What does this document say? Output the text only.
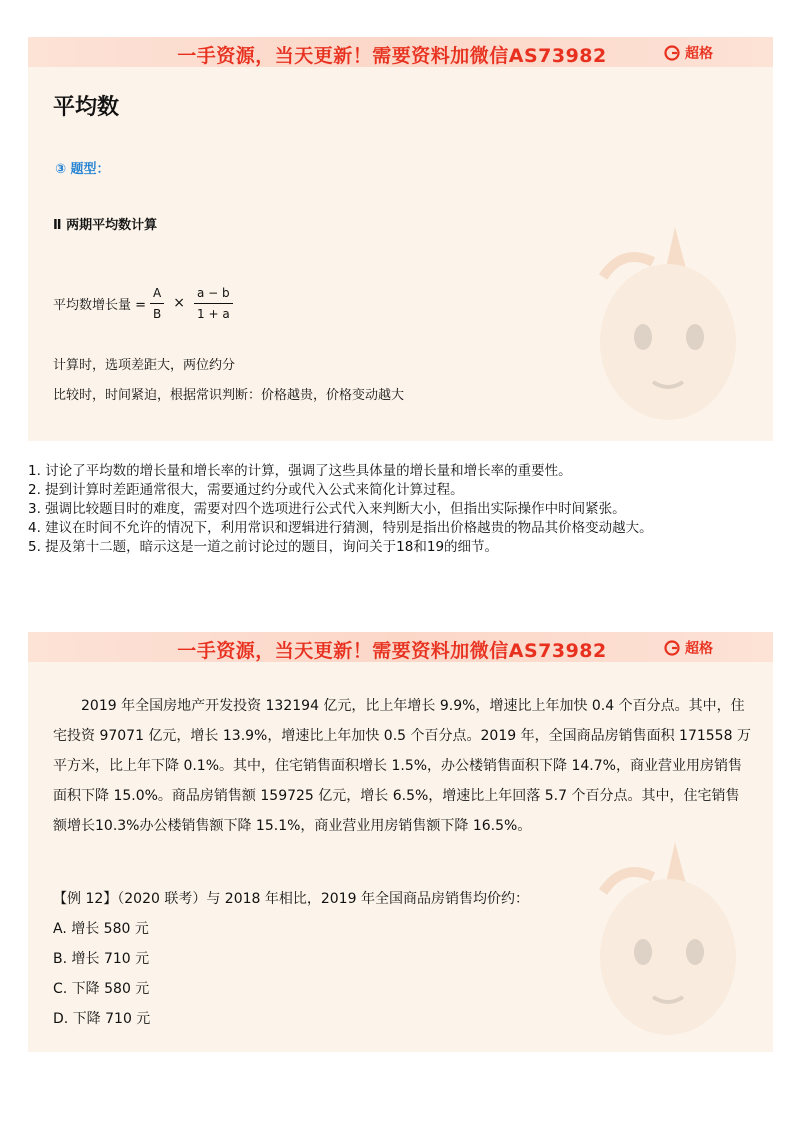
一手资源，当天更新！需要资料加微信AS73982	超格
平均数
③ 题型：
Ⅱ 两期平均数计算
平均数增长量 = $\frac{A}{B} \times \frac{a - b}{1 + a}$
计算时，选项差距大，两位约分
比较时，时间紧迫，根据常识判断：价格越贵，价格变动越大
1. 讨论了平均数的增长量和增长率的计算，强调了这些具体量的增长量和增长率的重要性。
2. 提到计算时差距通常很大，需要通过约分或代入公式来简化计算过程。
3. 强调比较题目时的难度，需要对四个选项进行公式代入来判断大小，但指出实际操作中时间紧张。
4. 建议在时间不允许的情况下，利用常识和逻辑进行猜测，特别是指出价格越贵的物品其价格变动越大。
5. 提及第十二题，暗示这是一道之前讨论过的题目，询问关于18和19的细节。
一手资源，当天更新！需要资料加微信AS73982	超格
2019 年全国房地产开发投资 132194 亿元，比上年增长 9.9%，增速比上年加快 0.4 个百分点。其中，住宅投资 97071 亿元，增长 13.9%，增速比上年加快 0.5 个百分点。2019 年，全国商品房销售面积 171558 万平方米，比上年下降 0.1%。其中，住宅销售面积增长 1.5%，办公楼销售面积下降 14.7%，商业营业用房销售面积下降 15.0%。商品房销售额 159725 亿元，增长 6.5%，增速比上年回落 5.7 个百分点。其中，住宅销售额增长10.3%办公楼销售额下降 15.1%，商业营业用房销售额下降 16.5%。
【例 12】（2020 联考）与 2018 年相比，2019 年全国商品房销售均价约：
A. 增长 580 元
B. 增长 710 元
C. 下降 580 元
D. 下降 710 元
